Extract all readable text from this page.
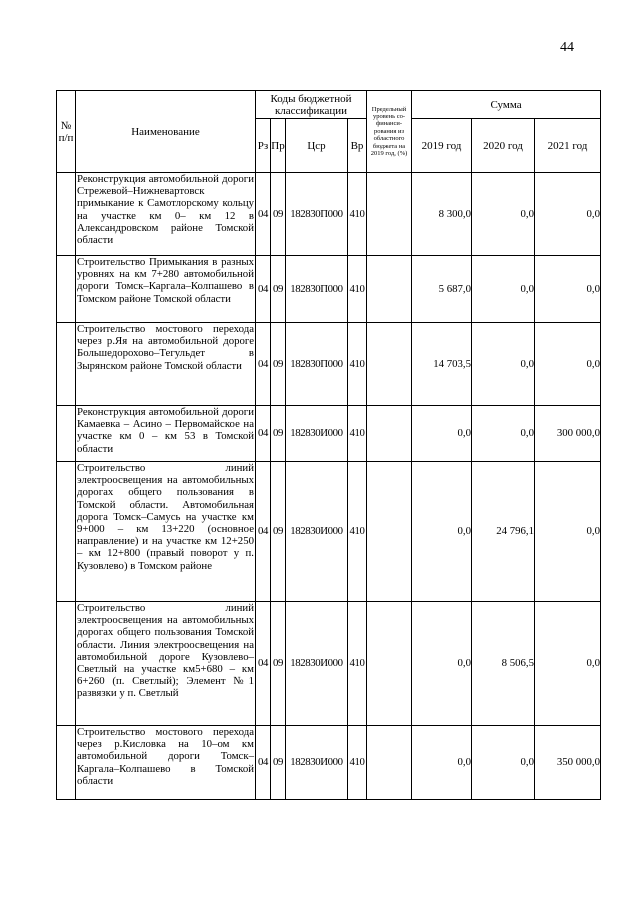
44
№ п/п	Наименование	Коды бюджетной классификации				Предельный уровень со-финанси-рования из областного бюджета на 2019 год, (%)	Сумма		
		Рз	Пр	Цср	Вр		2019 год	2020 год	2021 год
	Реконструкция автомобильной дороги Стрежевой–Нижневартовск примыкание к Самотлорскому кольцу на участке км 0– км 12 в Александровском районе Томской области	04	09	182830П000	410		8 300,0	0,0	0,0
	Строительство Примыкания в разных уровнях на км 7+280 автомобильной дороги Томск–Каргала–Колпашево в Томском районе Томской области	04	09	182830П000	410		5 687,0	0,0	0,0
	Строительство мостового перехода через р.Яя на автомобильной дороге Большедорохово–Тегульдет в Зырянском районе Томской области	04	09	182830П000	410		14 703,5	0,0	0,0
	Реконструкция автомобильной дороги Камаевка – Асино – Первомайское на участке км 0 – км 53 в Томской области	04	09	182830И000	410		0,0	0,0	300 000,0
	Строительство линий электроосвещения на автомобильных дорогах общего пользования в Томской области. Автомобильная дорога Томск–Самусь на участке км 9+000 – км 13+220 (основное направление) и на участке км 12+250 – км 12+800 (правый поворот у п. Кузовлево) в Томском районе	04	09	182830И000	410		0,0	24 796,1	0,0
	Строительство линий электроосвещения на автомобильных дорогах общего пользования Томской области. Линия электроосвещения на автомобильной дороге Кузовлево–Светлый на участке км5+680 – км 6+260 (п. Светлый); Элемент №1 развязки у п. Светлый	04	09	182830И000	410		0,0	8 506,5	0,0
	Строительство мостового перехода через р.Кисловка на 10–ом км автомобильной дороги Томск–Каргала–Колпашево в Томской области	04	09	182830И000	410		0,0	0,0	350 000,0
